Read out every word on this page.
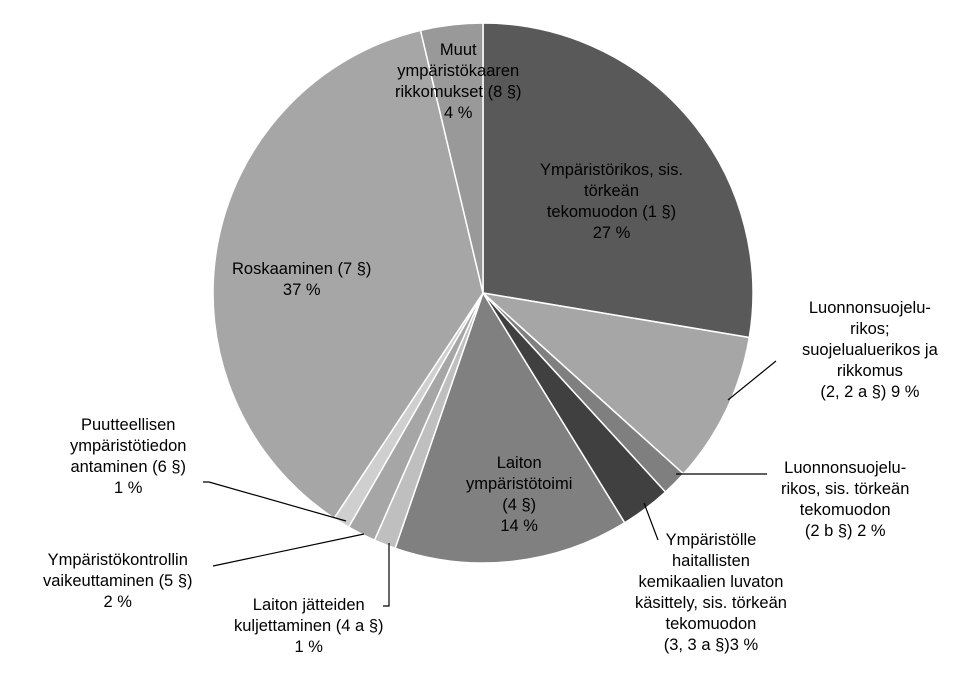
Ympäristörikos, sis.
törkeän
tekomuodon (1 §)
27 %
Luonnonsuojelu-
rikos;
suojelualuerikos ja
rikkomus
(2, 2 a §) 9 %
Luonnonsuojelu-
rikos, sis. törkeän
tekomuodon
(2 b §) 2 %
Ympäristölle
haitallisten
kemikaalien luvaton
käsittely, sis. törkeän
tekomuodon
(3, 3 a §)3 %
Laiton
ympäristötoimi
(4 §)
14 %
Laiton jätteiden
kuljettaminen (4 a §)
1 %
Ympäristökontrollin
vaikeuttaminen (5 §)
2 %
Puutteellisen
ympäristötiedon
antaminen (6 §)
1 %
Roskaaminen (7 §)
37 %
Muut
ympäristökaaren
rikkomukset (8 §)
4 %
